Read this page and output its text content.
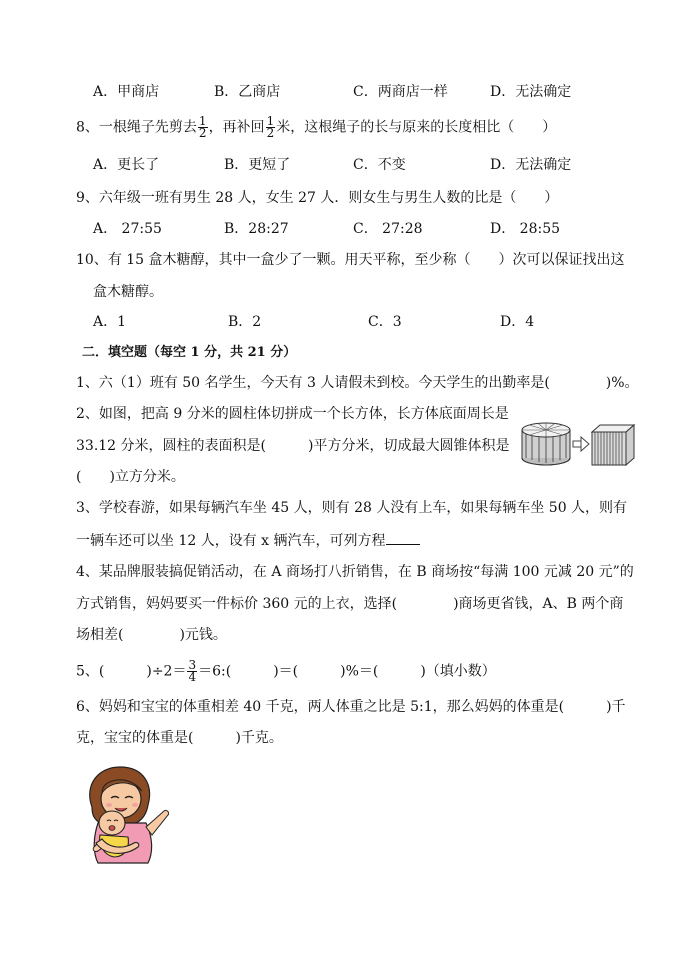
A．甲商店	B．乙商店	C．两商店一样	D．无法确定
8、一根绳子先剪去 $\frac{1}{2}$ ，再补回 $\frac{1}{2}$ 米，这根绳子的长与原来的长度相比（　　）
A．更长了	B．更短了	C．不变	D．无法确定
9、六年级一班有男生 28 人，女生 27 人．则女生与男生人数的比是（　　）
A． 27:55	B．28:27	C． 27:28	D． 28:55
10、有 15 盒木糖醇，其中一盒少了一颗。用天平称，至少称（　　）次可以保证找出这
盒木糖醇。
A．1	B．2	C．3	D．4
二．填空题（每空 1 分，共 21 分）
1、六（1）班有 50 名学生，今天有 3 人请假未到校。今天学生的出勤率是(　　　　)%。
2、如图，把高 9 分米的圆柱体切拼成一个长方体，长方体底面周长是
33.12 分米，圆柱的表面积是(　　　)平方分米，切成最大圆锥体积是
(　　)立方分米。
3、学校春游，如果每辆汽车坐 45 人，则有 28 人没有上车，如果每辆车坐 50 人，则有
一辆车还可以坐 12 人，设有 x 辆汽车，可列方程
4、某品牌服装搞促销活动，在 A 商场打八折销售，在 B 商场按“每满 100 元减 20 元”的
方式销售，妈妈要买一件标价 360 元的上衣，选择(　　　　)商场更省钱，A、B 两个商
场相差(　　　　)元钱。
5、(　　　)$\div 2= \frac{3}{4}$ ＝6:(　　　)＝(　　　)%＝(　　　)（填小数）
6、妈妈和宝宝的体重相差 40 千克，两人体重之比是 5:1，那么妈妈的体重是(　　　)千
克，宝宝的体重是(　　　)千克。
